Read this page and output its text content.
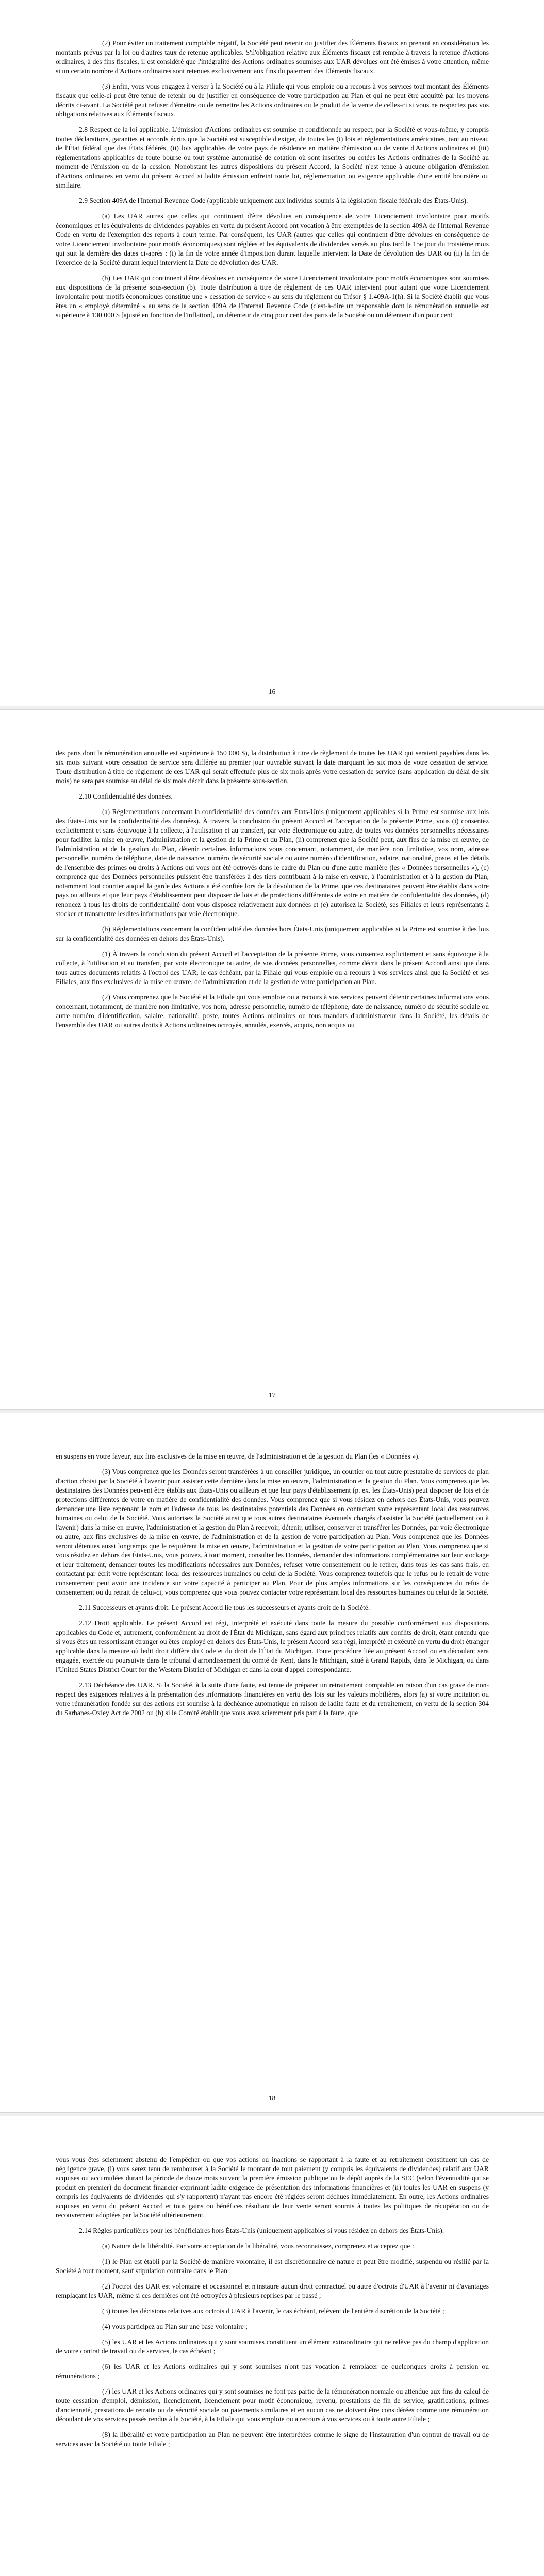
(2) Pour éviter un traitement comptable négatif, la Société peut retenir ou justifier des Éléments fiscaux en prenant en considération les montants prévus par la loi ou d'autres taux de retenue applicables. S'il'obligation relative aux Éléments fiscaux est remplie à travers la retenue d'Actions ordinaires, à des fins fiscales, il est considéré que l'intégralité des Actions ordinaires soumises aux UAR dévolues ont été émises à votre attention, même si un certain nombre d'Actions ordinaires sont retenues exclusivement aux fins du paiement des Éléments fiscaux.

(3) Enfin, vous vous engagez à verser à la Société ou à la Filiale qui vous emploie ou a recours à vos services tout montant des Éléments fiscaux que celle-ci peut être tenue de retenir ou de justifier en conséquence de votre participation au Plan et qui ne peut être acquitté par les moyens décrits ci-avant. La Société peut refuser d'émettre ou de remettre les Actions ordinaires ou le produit de la vente de celles-ci si vous ne respectez pas vos obligations relatives aux Éléments fiscaux.

2.8 Respect de la loi applicable. L'émission d'Actions ordinaires est soumise et conditionnée au respect, par la Société et vous-même, y compris toutes déclarations, garanties et accords écrits que la Société est susceptible d'exiger, de toutes les (i) lois et réglementations américaines, tant au niveau de l'État fédéral que des États fédérés, (ii) lois applicables de votre pays de résidence en matière d'émission ou de vente d'Actions ordinaires et (iii) réglementations applicables de toute bourse ou tout système automatisé de cotation où sont inscrites ou cotées les Actions ordinaires de la Société au moment de l'émission ou de la cession. Nonobstant les autres dispositions du présent Accord, la Société n'est tenue à aucune obligation d'émission d'Actions ordinaires en vertu du présent Accord si ladite émission enfreint toute loi, réglementation ou exigence applicable d'une entité boursière ou similaire.

2.9 Section 409A de l'Internal Revenue Code (applicable uniquement aux individus soumis à la législation fiscale fédérale des États-Unis).

(a) Les UAR autres que celles qui continuent d'être dévolues en conséquence de votre Licenciement involontaire pour motifs économiques et les équivalents de dividendes payables en vertu du présent Accord ont vocation à être exemptées de la section 409A de l'Internal Revenue Code en vertu de l'exemption des reports à court terme. Par conséquent, les UAR (autres que celles qui continuent d'être dévolues en conséquence de votre Licenciement involontaire pour motifs économiques) sont réglées et les équivalents de dividendes versés au plus tard le 15e jour du troisième mois qui suit la dernière des dates ci-après : (i) la fin de votre année d'imposition durant laquelle intervient la Date de dévolution des UAR ou (ii) la fin de l'exercice de la Société durant lequel intervient la Date de dévolution des UAR.

(b) Les UAR qui continuent d'être dévolues en conséquence de votre Licenciement involontaire pour motifs économiques sont soumises aux dispositions de la présente sous-section (b). Toute distribution à titre de règlement de ces UAR intervient pour autant que votre Licenciement involontaire pour motifs économiques constitue une « cessation de service » au sens du règlement du Trésor § 1.409A-1(h). Si la Société établit que vous êtes un « employé déterminé » au sens de la section 409A de l'Internal Revenue Code (c'est-à-dire un responsable dont la rémunération annuelle est supérieure à 130 000 $ [ajusté en fonction de l'inflation], un détenteur de cinq pour cent des parts de la Société ou un détenteur d'un pour cent

16

des parts dont la rémunération annuelle est supérieure à 150 000 $), la distribution à titre de règlement de toutes les UAR qui seraient payables dans les six mois suivant votre cessation de service sera différée au premier jour ouvrable suivant la date marquant les six mois de votre cessation de service. Toute distribution à titre de règlement de ces UAR qui serait effectuée plus de six mois après votre cessation de service (sans application du délai de six mois) ne sera pas soumise au délai de six mois décrit dans la présente sous-section.

2.10 Confidentialité des données.

(a) Réglementations concernant la confidentialité des données aux États-Unis (uniquement applicables si la Prime est soumise aux lois des États-Unis sur la confidentialité des données). À travers la conclusion du présent Accord et l'acceptation de la présente Prime, vous (i) consentez explicitement et sans équivoque à la collecte, à l'utilisation et au transfert, par voie électronique ou autre, de toutes vos données personnelles nécessaires pour faciliter la mise en œuvre, l'administration et la gestion de la Prime et du Plan, (ii) comprenez que la Société peut, aux fins de la mise en œuvre, de l'administration et de la gestion du Plan, détenir certaines informations vous concernant, notamment, de manière non limitative, vos nom, adresse personnelle, numéro de téléphone, date de naissance, numéro de sécurité sociale ou autre numéro d'identification, salaire, nationalité, poste, et les détails de l'ensemble des primes ou droits à Actions qui vous ont été octroyés dans le cadre du Plan ou d'une autre manière (les « Données personnelles »), (c) comprenez que des Données personnelles puissent être transférées à des tiers contribuant à la mise en œuvre, à l'administration et à la gestion du Plan, notamment tout courtier auquel la garde des Actions a été confiée lors de la dévolution de la Prime, que ces destinataires peuvent être établis dans votre pays ou ailleurs et que leur pays d'établissement peut disposer de lois et de protections différentes de votre en matière de confidentialité des données, (d) renoncez à tous les droits de confidentialité dont vous disposez relativement aux données et (e) autorisez la Société, ses Filiales et leurs représentants à stocker et transmettre lesdites informations par voie électronique.

(b) Réglementations concernant la confidentialité des données hors États-Unis (uniquement applicables si la Prime est soumise à des lois sur la confidentialité des données en dehors des États-Unis).

(1) À travers la conclusion du présent Accord et l'acceptation de la présente Prime, vous consentez explicitement et sans équivoque à la collecte, à l'utilisation et au transfert, par voie électronique ou autre, de vos données personnelles, comme décrit dans le présent Accord ainsi que dans tous autres documents relatifs à l'octroi des UAR, le cas échéant, par la Filiale qui vous emploie ou a recours à vos services ainsi que la Société et ses Filiales, aux fins exclusives de la mise en œuvre, de l'administration et de la gestion de votre participation au Plan.

(2) Vous comprenez que la Société et la Filiale qui vous emploie ou a recours à vos services peuvent détenir certaines informations vous concernant, notamment, de manière non limitative, vos nom, adresse personnelle, numéro de téléphone, date de naissance, numéro de sécurité sociale ou autre numéro d'identification, salaire, nationalité, poste, toutes Actions ordinaires ou tous mandats d'administrateur dans la Société, les détails de l'ensemble des UAR ou autres droits à Actions ordinaires octroyés, annulés, exercés, acquis, non acquis ou

17

en suspens en votre faveur, aux fins exclusives de la mise en œuvre, de l'administration et de la gestion du Plan (les « Données »).

(3) Vous comprenez que les Données seront transférées à un conseiller juridique, un courtier ou tout autre prestataire de services de plan d'action choisi par la Société à l'avenir pour assister cette dernière dans la mise en œuvre, l'administration et la gestion du Plan. Vous comprenez que les destinataires des Données peuvent être établis aux États-Unis ou ailleurs et que leur pays d'établissement (p. ex. les États-Unis) peut disposer de lois et de protections différentes de votre en matière de confidentialité des données. Vous comprenez que si vous résidez en dehors des États-Unis, vous pouvez demander une liste reprenant le nom et l'adresse de tous les destinataires potentiels des Données en contactant votre représentant local des ressources humaines ou celui de la Société. Vous autorisez la Société ainsi que tous autres destinataires éventuels chargés d'assister la Société (actuellement ou à l'avenir) dans la mise en œuvre, l'administration et la gestion du Plan à recevoir, détenir, utiliser, conserver et transférer les Données, par voie électronique ou autre, aux fins exclusives de la mise en œuvre, de l'administration et de la gestion de votre participation au Plan. Vous comprenez que les Données seront détenues aussi longtemps que le requièrent la mise en œuvre, l'administration et la gestion de votre participation au Plan. Vous comprenez que si vous résidez en dehors des États-Unis, vous pouvez, à tout moment, consulter les Données, demander des informations complémentaires sur leur stockage et leur traitement, demander toutes les modifications nécessaires aux Données, refuser votre consentement ou le retirer, dans tous les cas sans frais, en contactant par écrit votre représentant local des ressources humaines ou celui de la Société. Vous comprenez toutefois que le refus ou le retrait de votre consentement peut avoir une incidence sur votre capacité à participer au Plan. Pour de plus amples informations sur les conséquences du refus de consentement ou du retrait de celui-ci, vous comprenez que vous pouvez contacter votre représentant local des ressources humaines ou celui de la Société.

2.11 Successeurs et ayants droit. Le présent Accord lie tous les successeurs et ayants droit de la Société.

2.12 Droit applicable. Le présent Accord est régi, interprété et exécuté dans toute la mesure du possible conformément aux dispositions applicables du Code et, autrement, conformément au droit de l'État du Michigan, sans égard aux principes relatifs aux conflits de droit, étant entendu que si vous êtes un ressortissant étranger ou êtes employé en dehors des États-Unis, le présent Accord sera régi, interprété et exécuté en vertu du droit étranger applicable dans la mesure où ledit droit diffère du Code et du droit de l'État du Michigan. Toute procédure liée au présent Accord ou en découlant sera engagée, exercée ou poursuivie dans le tribunal d'arrondissement du comté de Kent, dans le Michigan, situé à Grand Rapids, dans le Michigan, ou dans l'United States District Court for the Western District of Michigan et dans la cour d'appel correspondante.

2.13 Déchéance des UAR. Si la Société, à la suite d'une faute, est tenue de préparer un retraitement comptable en raison d'un cas grave de non-respect des exigences relatives à la présentation des informations financières en vertu des lois sur les valeurs mobilières, alors (a) si votre incitation ou votre rémunération fondée sur des actions est soumise à la déchéance automatique en raison de ladite faute et du retraitement, en vertu de la section 304 du Sarbanes-Oxley Act de 2002 ou (b) si le Comité établit que vous avez sciemment pris part à la faute, que

18

vous vous êtes sciemment abstenu de l'empêcher ou que vos actions ou inactions se rapportant à la faute et au retraitement constituent un cas de négligence grave, (i) vous serez tenu de rembourser à la Société le montant de tout paiement (y compris les équivalents de dividendes) relatif aux UAR acquises ou accumulées durant la période de douze mois suivant la première émission publique ou le dépôt auprès de la SEC (selon l'éventualité qui se produit en premier) du document financier exprimant ladite exigence de présentation des informations financières et (ii) toutes les UAR en suspens (y compris les équivalents de dividendes qui s'y rapportent) n'ayant pas encore été réglées seront déchues immédiatement. En outre, les Actions ordinaires acquises en vertu du présent Accord et tous gains ou bénéfices résultant de leur vente seront soumis à toutes les politiques de récupération ou de recouvrement adoptées par la Société ultérieurement.

2.14 Règles particulières pour les bénéficiaires hors États-Unis (uniquement applicables si vous résidez en dehors des États-Unis).

(a) Nature de la libéralité. Par votre acceptation de la libéralité, vous reconnaissez, comprenez et acceptez que :

(1) le Plan est établi par la Société de manière volontaire, il est discrétionnaire de nature et peut être modifié, suspendu ou résilié par la Société à tout moment, sauf stipulation contraire dans le Plan ;

(2) l'octroi des UAR est volontaire et occasionnel et n'instaure aucun droit contractuel ou autre d'octrois d'UAR à l'avenir ni d'avantages remplaçant les UAR, même si ces dernières ont été octroyées à plusieurs reprises par le passé ;

(3) toutes les décisions relatives aux octrois d'UAR à l'avenir, le cas échéant, relèvent de l'entière discrétion de la Société ;

(4) vous participez au Plan sur une base volontaire ;

(5) les UAR et les Actions ordinaires qui y sont soumises constituent un élément extraordinaire qui ne relève pas du champ d'application de votre contrat de travail ou de services, le cas échéant ;

(6) les UAR et les Actions ordinaires qui y sont soumises n'ont pas vocation à remplacer de quelconques droits à pension ou rémunérations ;

(7) les UAR et les Actions ordinaires qui y sont soumises ne font pas partie de la rémunération normale ou attendue aux fins du calcul de toute cessation d'emploi, démission, licenciement, licenciement pour motif économique, revenu, prestations de fin de service, gratifications, primes d'ancienneté, prestations de retraite ou de sécurité sociale ou paiements similaires et en aucun cas ne doivent être considérées comme une rémunération découlant de vos services passés rendus à la Société, à la Filiale qui vous emploie ou a recours à vos services ou à toute autre Filiale ;

(8) la libéralité et votre participation au Plan ne peuvent être interprétées comme le signe de l'instauration d'un contrat de travail ou de services avec la Société ou toute Filiale ;
